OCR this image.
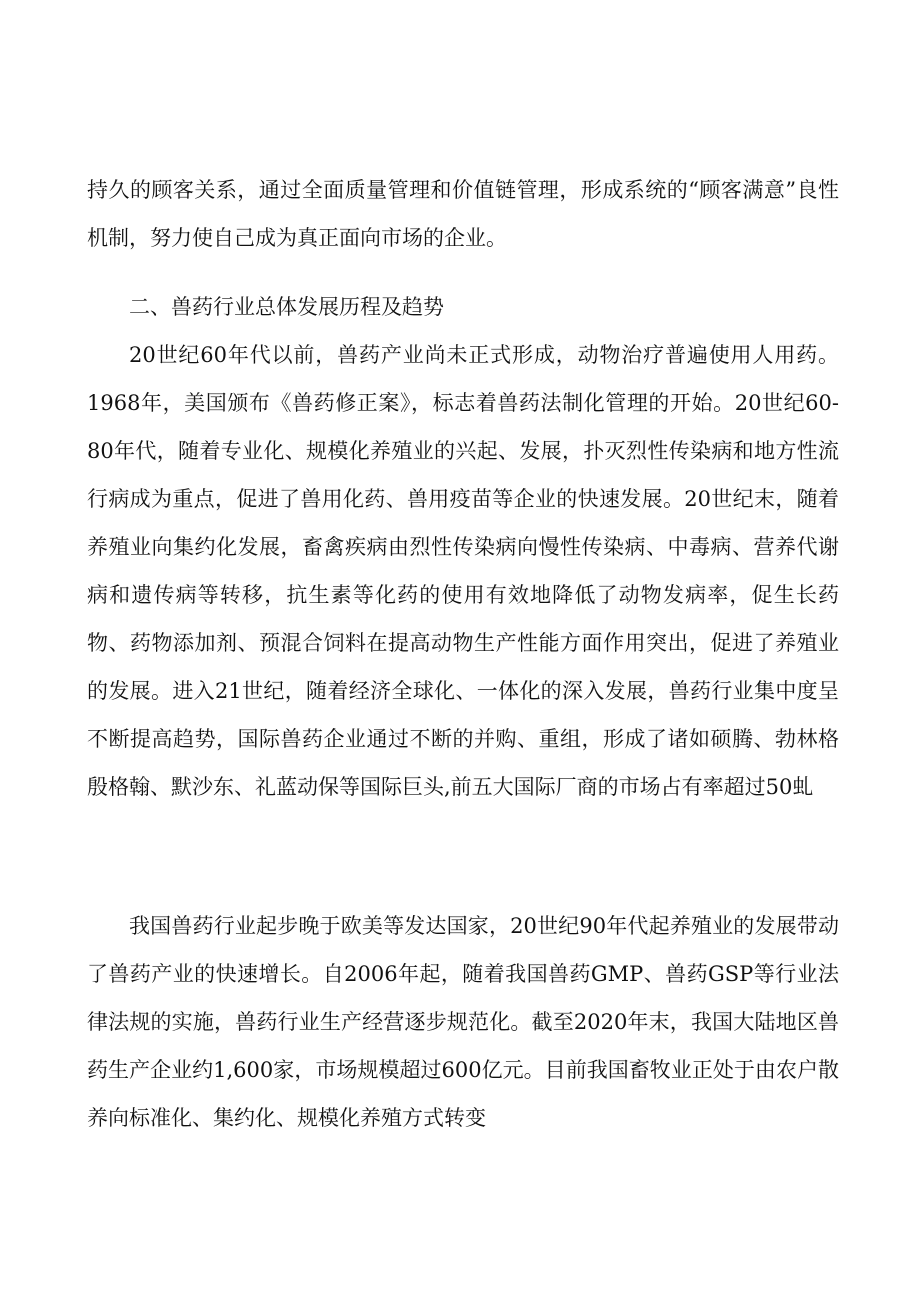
持久的顾客关系，通过全面质量管理和价值链管理，形成系统的“顾客满意”良性机制，努力使自己成为真正面向市场的企业。

二、兽药行业总体发展历程及趋势

20世纪60年代以前，兽药产业尚未正式形成，动物治疗普遍使用人用药。1968年，美国颁布《兽药修正案》，标志着兽药法制化管理的开始。20世纪60-80年代，随着专业化、规模化养殖业的兴起、发展，扑灭烈性传染病和地方性流行病成为重点，促进了兽用化药、兽用疫苗等企业的快速发展。20世纪末，随着养殖业向集约化发展，畜禽疾病由烈性传染病向慢性传染病、中毒病、营养代谢病和遗传病等转移，抗生素等化药的使用有效地降低了动物发病率，促生长药物、药物添加剂、预混合饲料在提高动物生产性能方面作用突出，促进了养殖业的发展。进入21世纪，随着经济全球化、一体化的深入发展，兽药行业集中度呈不断提高趋势，国际兽药企业通过不断的并购、重组，形成了诸如硕腾、勃林格殷格翰、默沙东、礼蓝动保等国际巨头,前五大国际厂商的市场占有率超过50虬

我国兽药行业起步晚于欧美等发达国家，20世纪90年代起养殖业的发展带动了兽药产业的快速增长。自2006年起，随着我国兽药GMP、兽药GSP等行业法律法规的实施，兽药行业生产经营逐步规范化。截至2020年末，我国大陆地区兽药生产企业约1,600家，市场规模超过600亿元。目前我国畜牧业正处于由农户散养向标准化、集约化、规模化养殖方式转变
